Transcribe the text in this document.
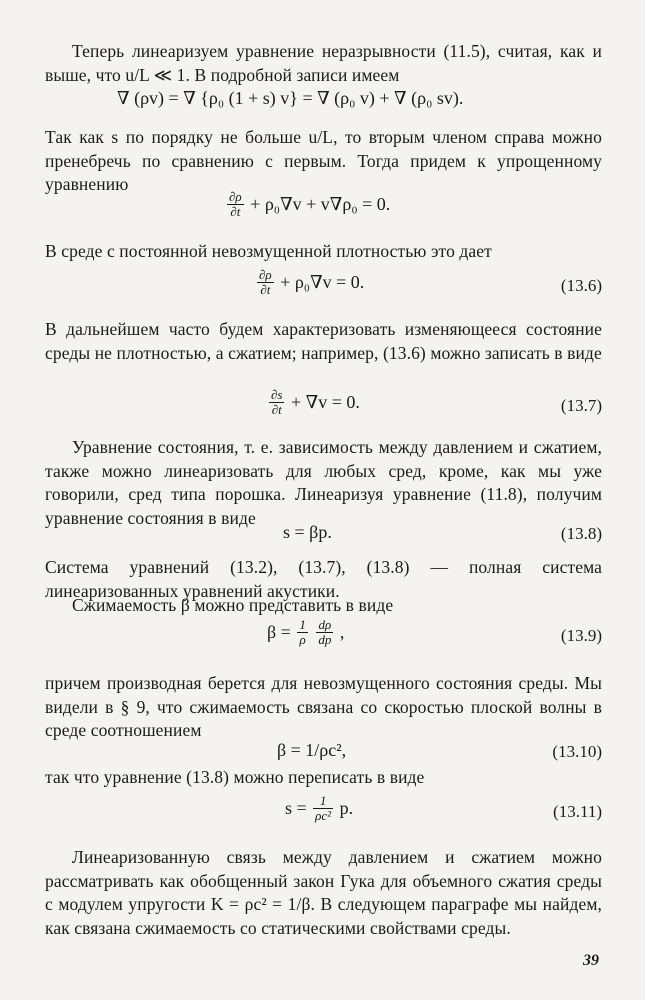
Теперь линеаризуем уравнение неразрывности (11.5), считая, как и выше, что u/L ≪ 1. В подробной записи имеем
∇ (ρv) = ∇ {ρ₀ (1 + s) v} = ∇ (ρ₀ v) + ∇ (ρ₀ sv).
Так как s по порядку не больше u/L, то вторым членом справа можно пренебречь по сравнению с первым. Тогда придем к упрощенному уравнению
$\frac{\partial\rho}{\partial t} + \rho_0\nabla v + v\nabla\rho_0 = 0$.
В среде с постоянной невозмущенной плотностью это дает
$\frac{\partial\rho}{\partial t} + \rho_0\nabla v = 0$.	(13.6)
В дальнейшем часто будем характеризовать изменяющееся состояние среды не плотностью, а сжатием; например, (13.6) можно записать в виде
$\frac{\partial s}{\partial t} + \nabla v = 0$.	(13.7)
Уравнение состояния, т. е. зависимость между давлением и сжатием, также можно линеаризовать для любых сред, кроме, как мы уже говорили, сред типа порошка. Линеаризуя уравнение (11.8), получим уравнение состояния в виде
s = βp.	(13.8)
Система уравнений (13.2), (13.7), (13.8) — полная система линеаризованных уравнений акустики.
Сжимаемость β можно представить в виде
$\beta = \frac{1}{\rho}$
$\frac{d\rho}{dp}$ ,	(13.9)
причем производная берется для невозмущенного состояния среды. Мы видели в § 9, что сжимаемость связана со скоростью плоской волны в среде соотношением
β = 1/ρc²,	(13.10)
так что уравнение (13.8) можно переписать в виде
$s = \frac{1}{\text{ρc²}} p$.	(13.11)
Линеаризованную связь между давлением и сжатием можно рассматривать как обобщенный закон Гука для объемного сжатия среды с модулем упругости K = ρc² = 1/β. В следующем параграфе мы найдем, как связана сжимаемость со статическими свойствами среды.
39
